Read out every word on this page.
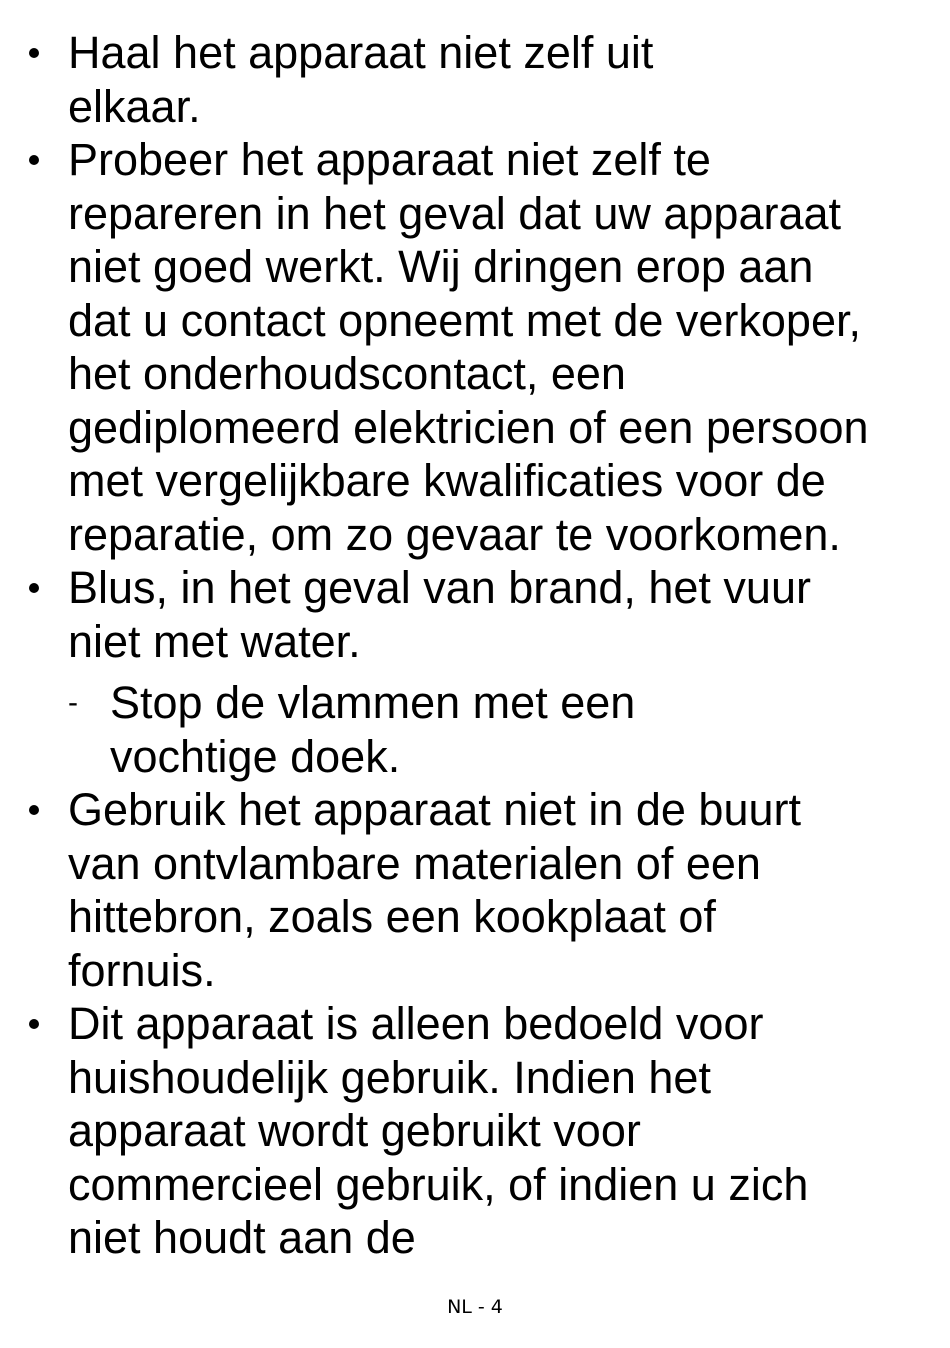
Haal het apparaat niet zelf uit
elkaar.
Probeer het apparaat niet zelf te
repareren in het geval dat uw apparaat
niet goed werkt. Wij dringen erop aan
dat u contact opneemt met de verkoper,
het onderhoudscontact, een
gediplomeerd elektricien of een persoon
met vergelijkbare kwalificaties voor de
reparatie, om zo gevaar te voorkomen.
Blus, in het geval van brand, het vuur
niet met water.
- Stop de vlammen met een
vochtige doek.
Gebruik het apparaat niet in de buurt
van ontvlambare materialen of een
hittebron, zoals een kookplaat of
fornuis.
Dit apparaat is alleen bedoeld voor
huishoudelijk gebruik. Indien het
apparaat wordt gebruikt voor
commercieel gebruik, of indien u zich
niet houdt aan de
NL - 4
